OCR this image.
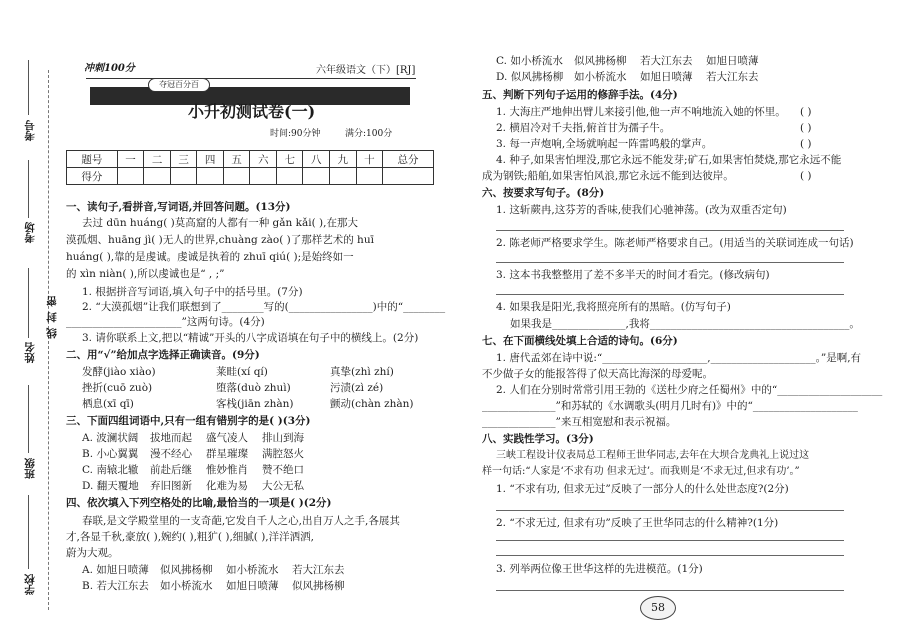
考号
考场
姓名
密
封
线
班级
学校
冲刺100分	六年级语文（下）[RJ]
夺冠百分百
小升初测试卷(一)
时间:90分钟	满分:100分
题号	一	二	三	四	五	六	七	八	九	十	总分
得分											
一、读句子,看拼音,写词语,并回答问题。(13分)
去过 dūn huáng( )莫高窟的人都有一种 gǎn kǎi( ),在那大
漠孤烟、huāng jì( )无人的世界,chuàng zào( )了那样艺术的 huī
huáng( ),靠的是虔诚。虔诚是执着的 zhuī qiú( );是始终如一
的 xìn niàn( ),所以虔诚也是“ , ;”
1. 根据拼音写词语,填入句子中的括号里。(7分)
2. “大漠孤烟”让我们联想到了________写的(________________)中的“________
______________________”这两句诗。(4分)
3. 请你联系上文,把以“精诚”开头的八字成语填在句子中的横线上。(2分)
二、用“√”给加点字选择正确读音。(9分)
发酵(jiào xiào)	莱畦(xí qí)	真挚(zhì zhí)
挫折(cuō zuò)	堕落(duò zhuì)	污渍(zì zé)
栖息(xī qī)	客栈(jiān zhàn)	颤动(chàn zhàn)
三、下面四组词语中,只有一组有错别字的是( )(3分)
A. 波澜状阔 拔地而起 盛气凌人 排山到海
B. 小心翼翼 漫不经心 群星璀璨 满腔怒火
C. 南辕北辙 前赴后继 惟妙惟肖 赞不绝口
D. 翻天覆地 弃旧图新 化难为易 大公无私
四、依次填入下列空格处的比喻,最恰当的一项是( )(2分)
春联,是文学殿堂里的一支奇葩,它发自千人之心,出自万人之手,各展其
才,各显千秋,豪放( ),婉约( ),粗犷( ),细腻( ),洋洋洒洒,
蔚为大观。
A. 如旭日喷薄 似风拂杨柳 如小桥流水 若大江东去
B. 若大江东去 如小桥流水 如旭日喷薄 似风拂杨柳
C. 如小桥流水 似风拂杨柳 若大江东去 如旭日喷薄
D. 似风拂杨柳 如小桥流水 如旭日喷薄 若大江东去
五、判断下列句子运用的修辞手法。(4分)
1. 大海庄严地伸出臂儿来接引他,他一声不响地流入她的怀里。 ( )
2. 横眉冷对千夫指,俯首甘为孺子牛。	( )
3. 每一声炮响,全场就响起一阵雷鸣般的掌声。	( )
4. 种子,如果害怕埋没,那它永远不能发芽;矿石,如果害怕焚烧,那它永远不能
成为钢铁;船舶,如果害怕风浪,那它永远不能到达彼岸。	( )
六、按要求写句子。(8分)
1. 这斩蕨冉,这芬芳的香味,使我们心驰神荡。(改为双重否定句)
2. 陈老师严格要求学生。陈老师严格要求自己。(用适当的关联词连成一句话)
3. 这本书我整整用了差不多半天的时间才看完。(修改病句)
4. 如果我是阳光,我将照亮所有的黑暗。(仿写句子)
如果我是______________,我将______________________________________。
七、在下面横线处填上合适的诗句。(6分)
1. 唐代孟郊在诗中说:“____________________,____________________。”是啊,有
不少做子女的能报答得了似天高比海深的母爱呢。
2. 人们在分别时常常引用王勃的《送杜少府之任蜀州》中的“____________________
______________”和苏轼的《水调歌头(明月几时有)》中的“____________________
______________”来互相宽慰和表示祝福。
八、实践性学习。(3分)
三峡工程设计仪表局总工程师王世华同志,去年在大坝合龙典礼上说过这
样一句话:“人家是‘不求有功 但求无过’。而我则是‘不求无过,但求有功’。”
1. “不求有功, 但求无过”反映了一部分人的什么处世态度?(2分)
2. “不求无过, 但求有功”反映了王世华同志的什么精神?(1分)
3. 列举两位像王世华这样的先进模范。(1分)
58
